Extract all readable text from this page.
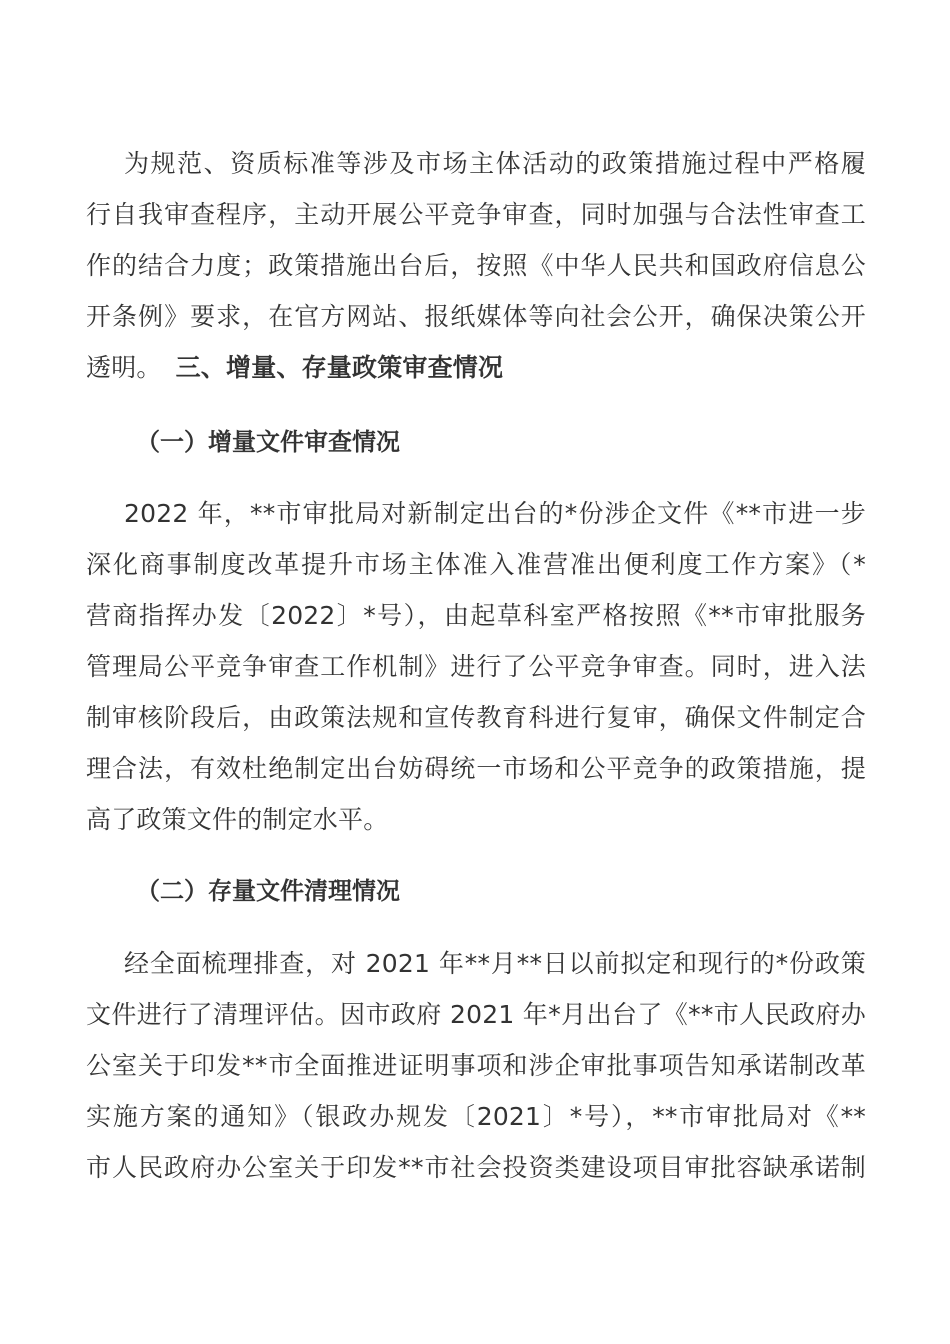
为规范、资质标准等涉及市场主体活动的政策措施过程中严格履
行自我审查程序，主动开展公平竞争审查，同时加强与合法性审查工
作的结合力度；政策措施出台后，按照《中华人民共和国政府信息公
开条例》要求，在官方网站、报纸媒体等向社会公开，确保决策公开
透明。 三、增量、存量政策审查情况
（一）增量文件审查情况
2022 年，**市审批局对新制定出台的*份涉企文件《**市进一步
深化商事制度改革提升市场主体准入准营准出便利度工作方案》（*
营商指挥办发〔2022〕*号），由起草科室严格按照《**市审批服务
管理局公平竞争审查工作机制》进行了公平竞争审查。同时，进入法
制审核阶段后，由政策法规和宣传教育科进行复审，确保文件制定合
理合法，有效杜绝制定出台妨碍统一市场和公平竞争的政策措施，提
高了政策文件的制定水平。
（二）存量文件清理情况
经全面梳理排查，对 2021 年**月**日以前拟定和现行的*份政策
文件进行了清理评估。因市政府 2021 年*月出台了《**市人民政府办
公室关于印发**市全面推进证明事项和涉企审批事项告知承诺制改革
实施方案的通知》（银政办规发〔2021〕*号），**市审批局对《**
市人民政府办公室关于印发**市社会投资类建设项目审批容缺承诺制
